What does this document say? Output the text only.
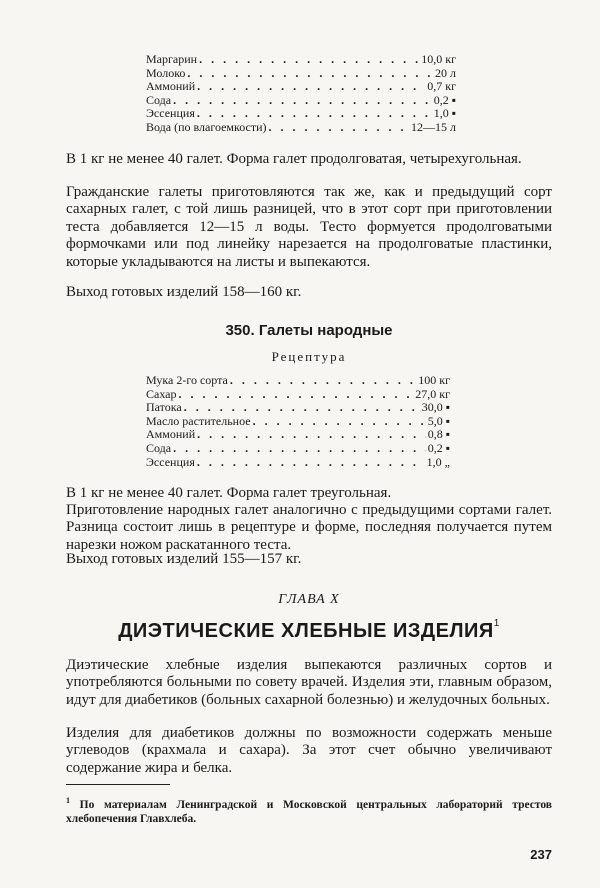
Маргарин . . .	10,0 кг
Молоко . . .	20 л
Аммоний . . .	0,7 кг
Сода . . .	0,2 ▪
Эссенция . . .	1,0 ▪
Вода (по влагоемкости) . . .	12—15 л

В 1 кг не менее 40 галет. Форма галет продолговатая, четырехугольная.

Гражданские галеты приготовляются так же, как и предыдущий сорт сахарных галет, с той лишь разницей, что в этот сорт при приготовлении теста добавляется 12—15 л воды. Тесто формуется продолговатыми формочками или под линейку нарезается на продолговатые пластинки, которые укладываются на листы и выпекаются.

Выход готовых изделий 158—160 кг.

350. Галеты народные
Рецептура
Мука 2-го сорта . . .	100 кг
Сахар . . .	27,0 кг
Патока . . .	30,0 ▪
Масло растительное . . .	5,0 ▪
Аммоний . . .	0,8 ▪
Сода . . .	0,2 ▪
Эссенция . . .	1,0 „

В 1 кг не менее 40 галет. Форма галет треугольная.

Приготовление народных галет аналогично с предыдущими сортами галет. Разница состоит лишь в рецептуре и форме, последняя получается путем нарезки ножом раскатанного теста.

Выход готовых изделий 155—157 кг.

ГЛАВА X
ДИЭТИЧЕСКИЕ ХЛЕБНЫЕ ИЗДЕЛИЯ$^1$

Диэтические хлебные изделия выпекаются различных сортов и употребляются больными по совету врачей. Изделия эти, главным образом, идут для диабетиков (больных сахарной болезнью) и желудочных больных.

Изделия для диабетиков должны по возможности содержать меньше углеводов (крахмала и сахара). За этот счет обычно увеличивают содержание жира и белка.

$^1$ По материалам Ленинградской и Московской центральных лабораторий трестов хлебопечения Главхлеба.

237
